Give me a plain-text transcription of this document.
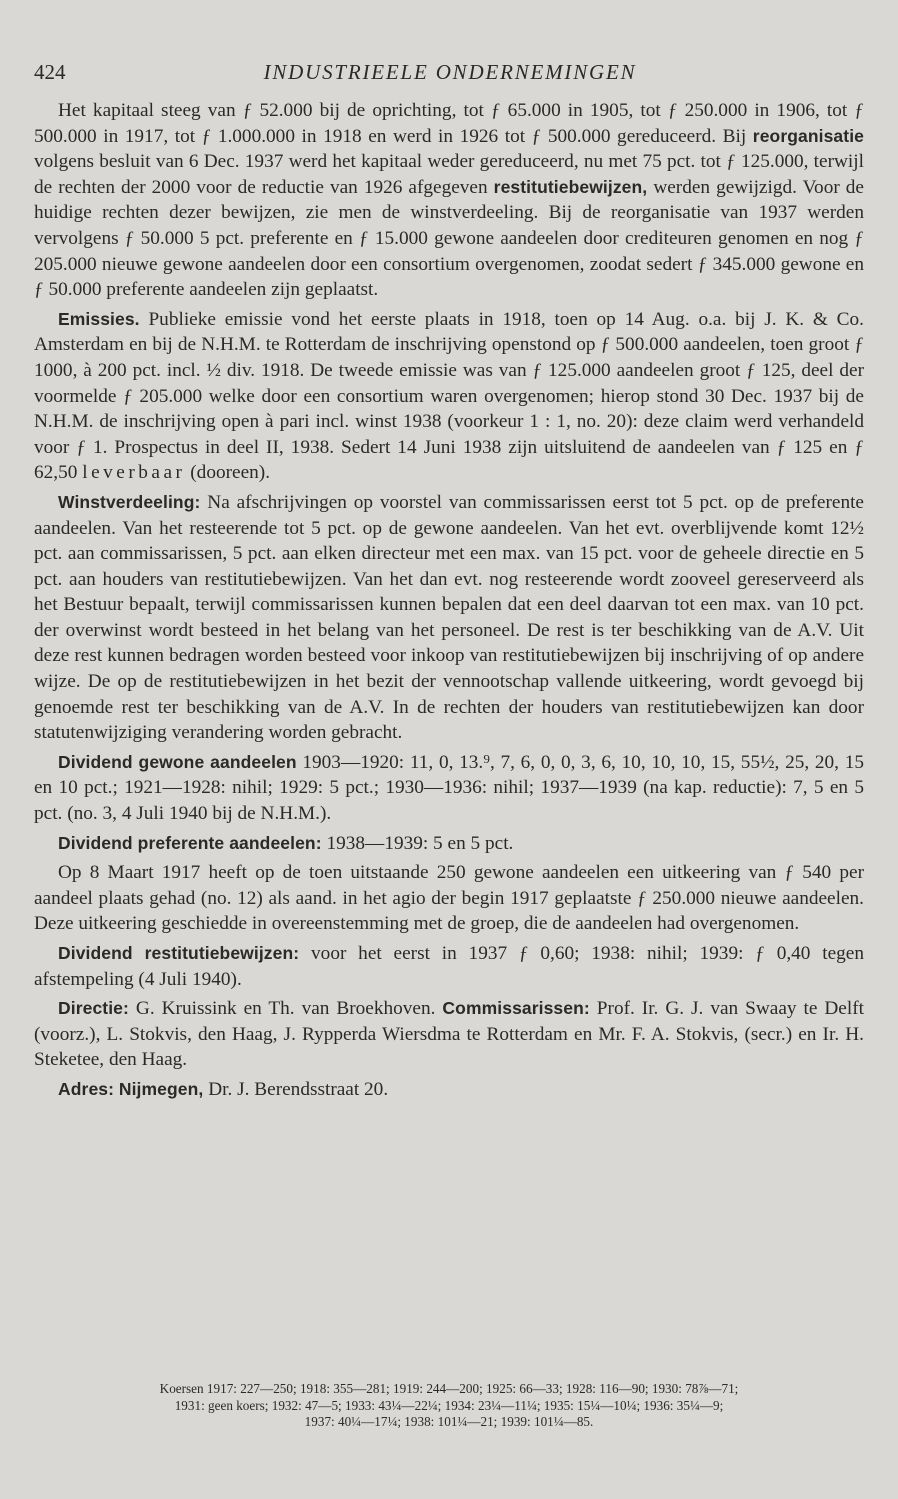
424	INDUSTRIEELE ONDERNEMINGEN

Het kapitaal steeg van ƒ 52.000 bij de oprichting, tot ƒ 65.000 in 1905, tot ƒ 250.000 in 1906, tot ƒ 500.000 in 1917, tot ƒ 1.000.000 in 1918 en werd in 1926 tot ƒ 500.000 gereduceerd. Bij reorganisatie volgens besluit van 6 Dec. 1937 werd het kapitaal weder gereduceerd, nu met 75 pct. tot ƒ 125.000, terwijl de rechten der 2000 voor de reductie van 1926 afgegeven restitutiebewijzen, werden gewijzigd. Voor de huidige rechten dezer bewijzen, zie men de winstverdeeling. Bij de reorganisatie van 1937 werden vervolgens ƒ 50.000 5 pct. preferente en ƒ 15.000 gewone aandeelen door crediteuren genomen en nog ƒ 205.000 nieuwe gewone aandeelen door een consortium overgenomen, zoodat sedert ƒ 345.000 gewone en ƒ 50.000 preferente aandeelen zijn geplaatst.

Emissies. Publieke emissie vond het eerste plaats in 1918, toen op 14 Aug. o.a. bij J. K. & Co. Amsterdam en bij de N.H.M. te Rotterdam de inschrijving openstond op ƒ 500.000 aandeelen, toen groot ƒ 1000, à 200 pct. incl. ½ div. 1918. De tweede emissie was van ƒ 125.000 aandeelen groot ƒ 125, deel der voormelde ƒ 205.000 welke door een consortium waren overgenomen; hierop stond 30 Dec. 1937 bij de N.H.M. de inschrijving open à pari incl. winst 1938 (voorkeur 1 : 1, no. 20): deze claim werd verhandeld voor ƒ 1. Prospectus in deel II, 1938. Sedert 14 Juni 1938 zijn uitsluitend de aandeelen van ƒ 125 en ƒ 62,50 leverbaar (dooreen).

Winstverdeeling: Na afschrijvingen op voorstel van commissarissen eerst tot 5 pct. op de preferente aandeelen. Van het resteerende tot 5 pct. op de gewone aandeelen. Van het evt. overblijvende komt 12½ pct. aan commissarissen, 5 pct. aan elken directeur met een max. van 15 pct. voor de geheele directie en 5 pct. aan houders van restitutiebewijzen. Van het dan evt. nog resteerende wordt zooveel gereserveerd als het Bestuur bepaalt, terwijl commissarissen kunnen bepalen dat een deel daarvan tot een max. van 10 pct. der overwinst wordt besteed in het belang van het personeel. De rest is ter beschikking van de A.V. Uit deze rest kunnen bedragen worden besteed voor inkoop van restitutiebewijzen bij inschrijving of op andere wijze. De op de restitutiebewijzen in het bezit der vennootschap vallende uitkeering, wordt gevoegd bij genoemde rest ter beschikking van de A.V. In de rechten der houders van restitutiebewijzen kan door statutenwijziging verandering worden gebracht.

Dividend gewone aandeelen 1903—1920: 11, 0, 13.⁹, 7, 6, 0, 0, 3, 6, 10, 10, 10, 15, 55½, 25, 20, 15 en 10 pct.; 1921—1928: nihil; 1929: 5 pct.; 1930—1936: nihil; 1937—1939 (na kap. reductie): 7, 5 en 5 pct. (no. 3, 4 Juli 1940 bij de N.H.M.).

Dividend preferente aandeelen: 1938—1939: 5 en 5 pct.

Op 8 Maart 1917 heeft op de toen uitstaande 250 gewone aandeelen een uitkeering van ƒ 540 per aandeel plaats gehad (no. 12) als aand. in het agio der begin 1917 geplaatste ƒ 250.000 nieuwe aandeelen. Deze uitkeering geschiedde in overeenstemming met de groep, die de aandeelen had overgenomen.

Dividend restitutiebewijzen: voor het eerst in 1937 ƒ 0,60; 1938: nihil; 1939: ƒ 0,40 tegen afstempeling (4 Juli 1940).

Directie: G. Kruissink en Th. van Broekhoven. Commissarissen: Prof. Ir. G. J. van Swaay te Delft (voorz.), L. Stokvis, den Haag, J. Rypperda Wiersdma te Rotterdam en Mr. F. A. Stokvis, (secr.) en Ir. H. Steketee, den Haag.

Adres: Nijmegen, Dr. J. Berendsstraat 20.

Koersen 1917: 227—250; 1918: 355—281; 1919: 244—200; 1925: 66—33; 1928: 116—90; 1930: 78⅞—71;
1931: geen koers; 1932: 47—5; 1933: 43¼—22¼; 1934: 23¼—11¼; 1935: 15¼—10¼; 1936: 35¼—9;
1937: 40¼—17¼; 1938: 101¼—21; 1939: 101¼—85.
